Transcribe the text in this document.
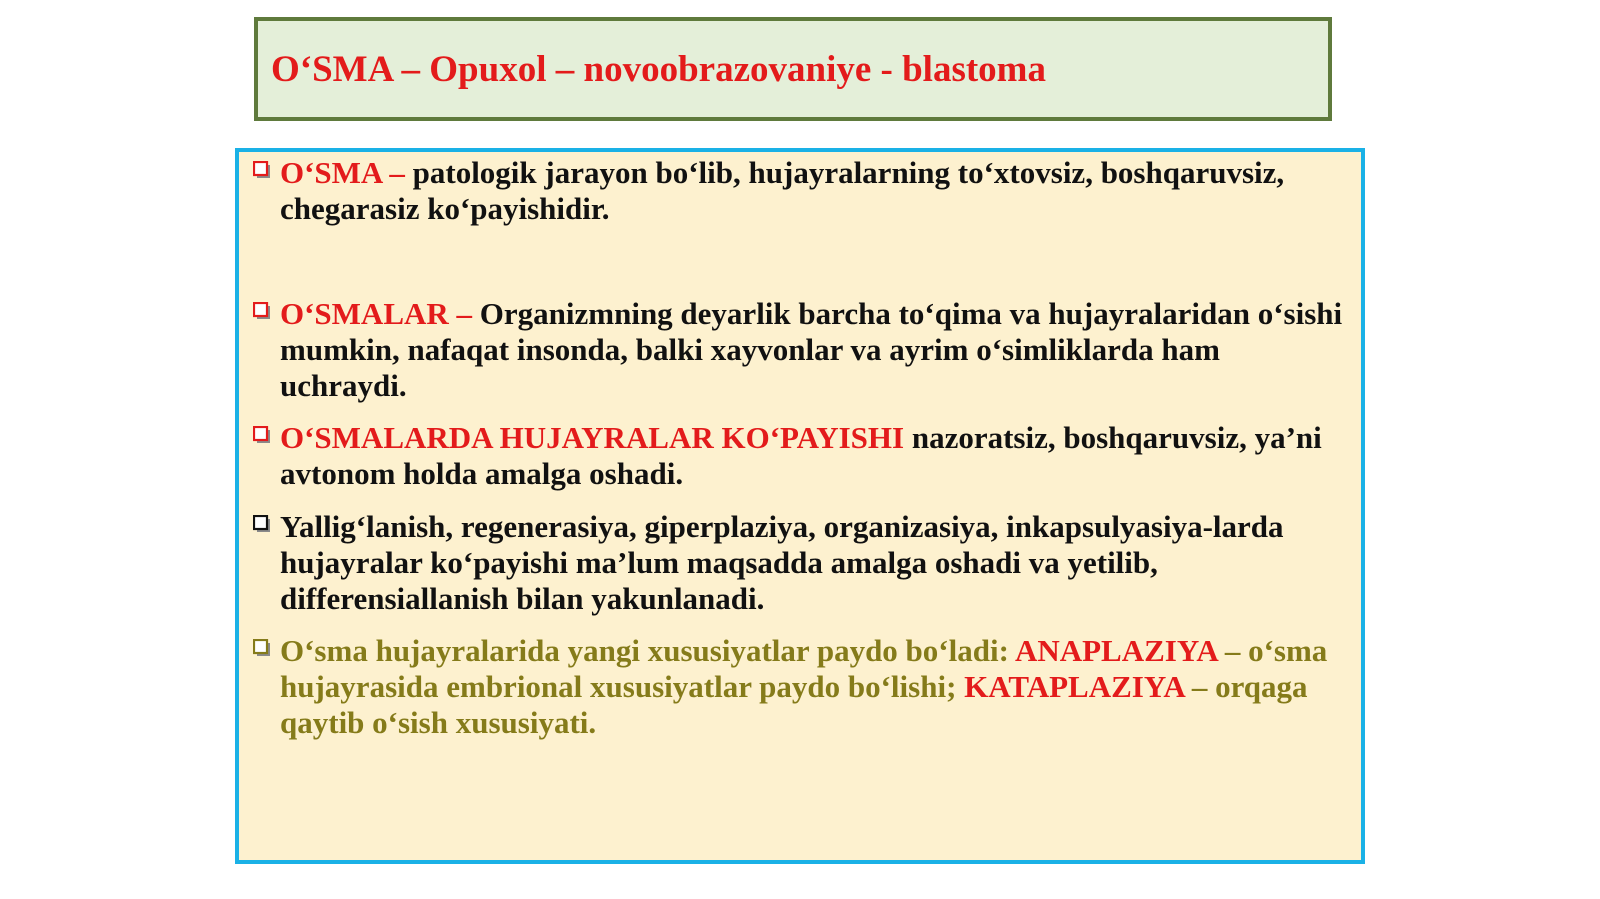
O‘SMA – Opuxol – novoobrazovaniye - blastoma
O‘SMA – patologik jarayon bo‘lib, hujayralarning to‘xtovsiz, boshqaruvsiz, chegarasiz ko‘payishidir.
O‘SMALAR – Organizmning deyarlik barcha to‘qima va hujayralaridan o‘sishi mumkin, nafaqat insonda, balki xayvonlar va ayrim o‘simliklarda ham uchraydi.
O‘SMALARDA HUJAYRALAR KO‘PAYISHI nazoratsiz, boshqaruvsiz, ya’ni avtonom holda amalga oshadi.
Yallig‘lanish, regenerasiya, giperplaziya, organizasiya, inkapsulyasiya-larda hujayralar ko‘payishi ma’lum maqsadda amalga oshadi va yetilib, differensiallanish bilan yakunlanadi.
O‘sma hujayralarida yangi xususiyatlar paydo bo‘ladi: ANAPLAZIYA – o‘sma hujayrasida embrional xususiyatlar paydo bo‘lishi; KATAPLAZIYA – orqaga qaytib o‘sish xususiyati.
